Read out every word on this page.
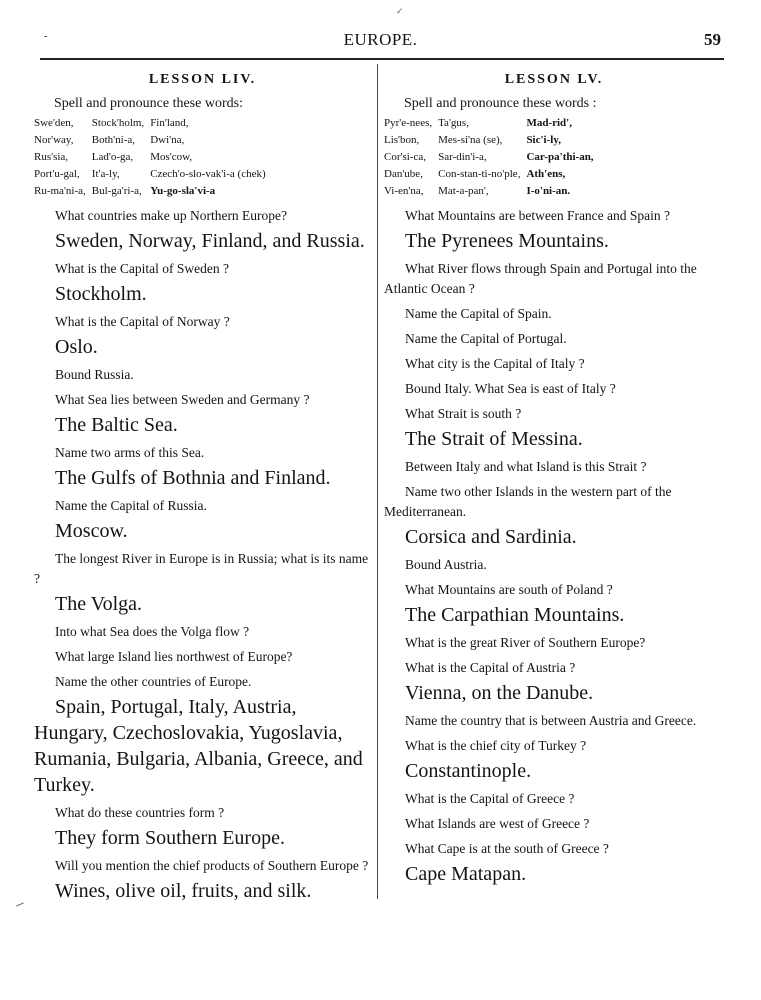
-	EUROPE.	59
✓
LESSON LIV.
Spell and pronounce these words:
Swe'den,	Stock'holm,	Fin'land,
Nor'way,	Both'ni-a,	Dwi'na,
Rus'sia,	Lad'o-ga,	Mos'cow,
Port'u-gal,	It'a-ly,	Czech'o-slo-vak'i-a (chek)
Ru-ma'ni-a,	Bul-ga'ri-a,	Yu-go-sla'vi-a
What countries make up Northern Europe?
Sweden, Norway, Finland, and Russia.
What is the Capital of Sweden ?
Stockholm.
What is the Capital of Norway ?
Oslo.
Bound Russia.
What Sea lies between Sweden and Germany ?
The Baltic Sea.
Name two arms of this Sea.
The Gulfs of Bothnia and Finland.
Name the Capital of Russia.
Moscow.
The longest River in Europe is in Russia; what is its name ?
The Volga.
Into what Sea does the Volga flow ?
What large Island lies northwest of Europe?
Name the other countries of Europe.
Spain, Portugal, Italy, Austria, Hungary, Czechoslovakia, Yugoslavia, Rumania, Bulgaria, Albania, Greece, and Turkey.
What do these countries form ?
They form Southern Europe.
Will you mention the chief products of Southern Europe ?
Wines, olive oil, fruits, and silk.
LESSON LV.
Spell and pronounce these words :
Pyr'e-nees,	Ta'gus,	Mad-rid',
Lis'bon,	Mes-si'na (se),	Sic'i-ly,
Cor'si-ca,	Sar-din'i-a,	Car-pa'thi-an,
Dan'ube,	Con-stan-ti-no'ple,	Ath'ens,
Vi-en'na,	Mat-a-pan',	I-o'ni-an.
What Mountains are between France and Spain ?
The Pyrenees Mountains.
What River flows through Spain and Portugal into the Atlantic Ocean ?
Name the Capital of Spain.
Name the Capital of Portugal.
What city is the Capital of Italy ?
Bound Italy. What Sea is east of Italy ?
What Strait is south ?
The Strait of Messina.
Between Italy and what Island is this Strait ?
Name two other Islands in the western part of the Mediterranean.
Corsica and Sardinia.
Bound Austria.
What Mountains are south of Poland ?
The Carpathian Mountains.
What is the great River of Southern Europe?
What is the Capital of Austria ?
Vienna, on the Danube.
Name the country that is between Austria and Greece.
What is the chief city of Turkey ?
Constantinople.
What is the Capital of Greece ?
What Islands are west of Greece ?
What Cape is at the south of Greece ?
Cape Matapan.
